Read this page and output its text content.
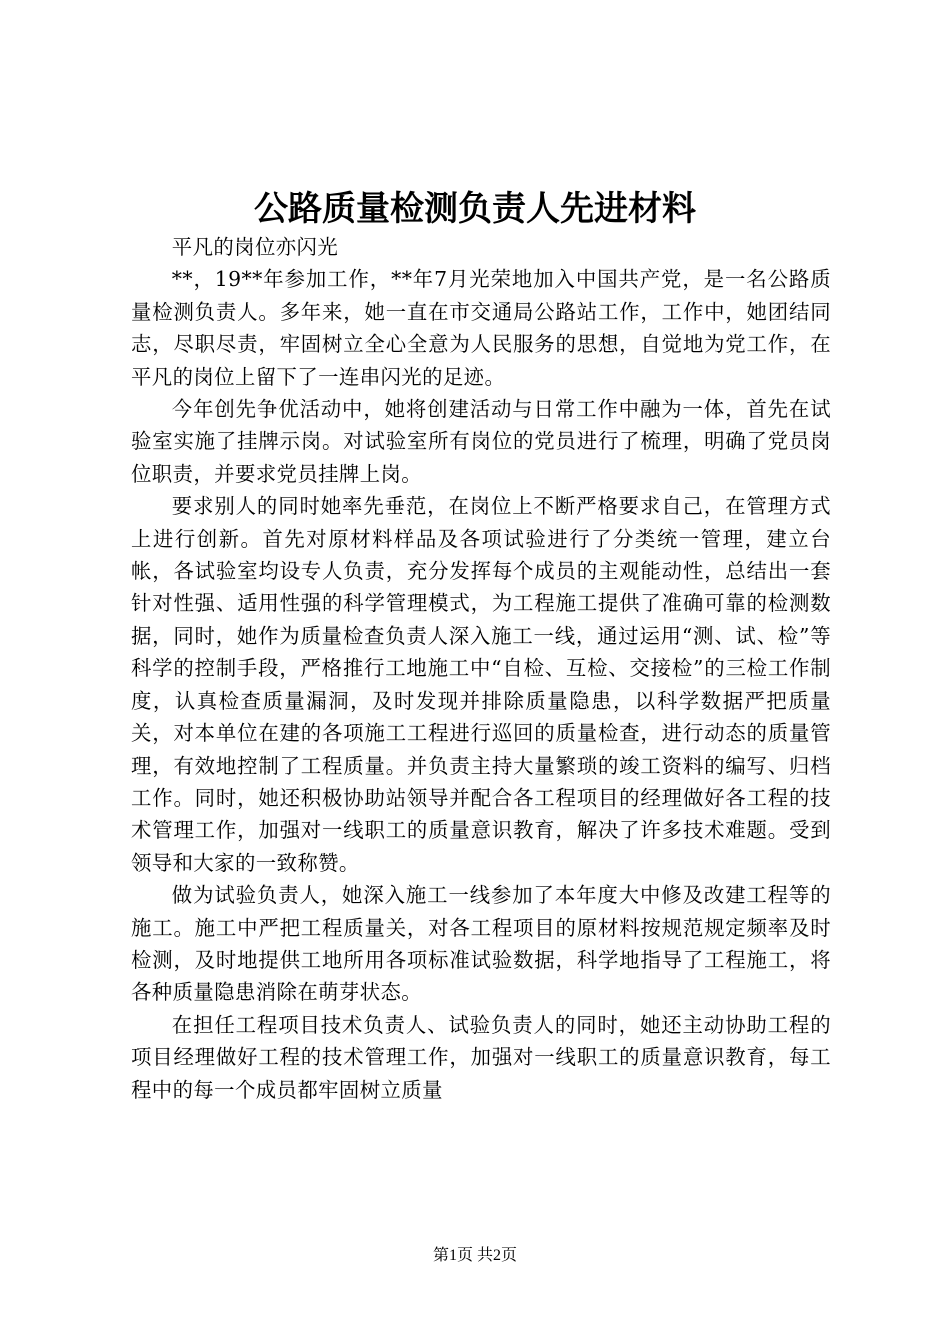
公路质量检测负责人先进材料

平凡的岗位亦闪光

**，19**年参加工作，**年7月光荣地加入中国共产党，是一名公路质量检测负责人。多年来，她一直在市交通局公路站工作，工作中，她团结同志，尽职尽责，牢固树立全心全意为人民服务的思想，自觉地为党工作，在平凡的岗位上留下了一连串闪光的足迹。

今年创先争优活动中，她将创建活动与日常工作中融为一体，首先在试验室实施了挂牌示岗。对试验室所有岗位的党员进行了梳理，明确了党员岗位职责，并要求党员挂牌上岗。

要求别人的同时她率先垂范，在岗位上不断严格要求自己，在管理方式上进行创新。首先对原材料样品及各项试验进行了分类统一管理，建立台帐，各试验室均设专人负责，充分发挥每个成员的主观能动性，总结出一套针对性强、适用性强的科学管理模式，为工程施工提供了准确可靠的检测数据，同时，她作为质量检查负责人深入施工一线，通过运用“测、试、检”等科学的控制手段，严格推行工地施工中“自检、互检、交接检”的三检工作制度，认真检查质量漏洞，及时发现并排除质量隐患，以科学数据严把质量关，对本单位在建的各项施工工程进行巡回的质量检查，进行动态的质量管理，有效地控制了工程质量。并负责主持大量繁琐的竣工资料的编写、归档工作。同时，她还积极协助站领导并配合各工程项目的经理做好各工程的技术管理工作，加强对一线职工的质量意识教育，解决了许多技术难题。受到领导和大家的一致称赞。

做为试验负责人，她深入施工一线参加了本年度大中修及改建工程等的施工。施工中严把工程质量关，对各工程项目的原材料按规范规定频率及时检测，及时地提供工地所用各项标准试验数据，科学地指导了工程施工，将各种质量隐患消除在萌芽状态。

在担任工程项目技术负责人、试验负责人的同时，她还主动协助工程的项目经理做好工程的技术管理工作，加强对一线职工的质量意识教育，每工程中的每一个成员都牢固树立质量

第1页 共2页
